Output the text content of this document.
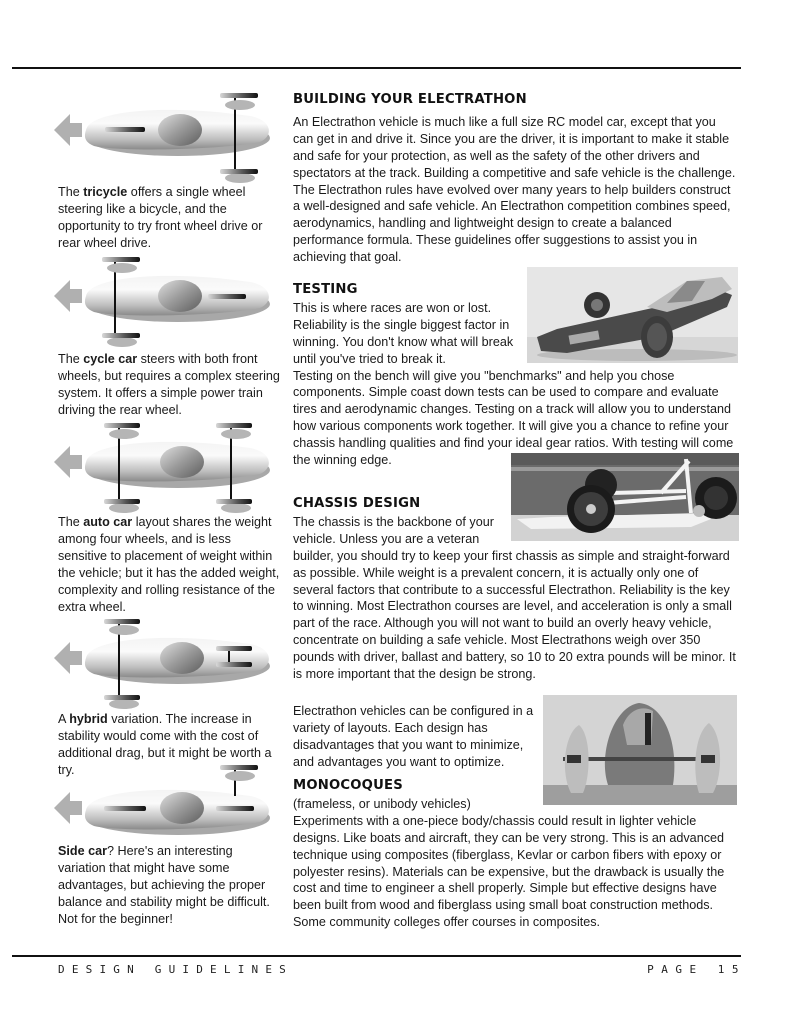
The tricycle offers a single wheel steering like a bicycle, and the opportunity to try front wheel drive or rear wheel drive.
The cycle car steers with both front wheels, but requires a complex steering system. It offers a simple power train driving the rear wheel.
The auto car layout shares the weight among four wheels, and is less sensitive to placement of weight within the vehicle; but it has the added weight, complexity and rolling resistance of the extra wheel.
A hybrid variation. The increase in stability would come with the cost of additional drag, but it might be worth a try.
Side car? Here's an interesting variation that might have some advantages, but achieving the proper balance and stability might be difficult. Not for the beginner!
BUILDING YOUR ELECTRATHON

An Electrathon vehicle is much like a full size RC model car, except that you can get in and drive it. Since you are the driver, it is important to make it stable and safe for your protection, as well as the safety of the other drivers and spectators at the track. Building a competitive and safe vehicle is the challenge. The Electrathon rules have evolved over many years to help builders construct a well-designed and safe vehicle. An Electrathon competition combines speed, aerodynamics, handling and lightweight design to create a balanced performance formula. These guidelines offer suggestions to assist you in achieving that goal.

TESTING

This is where races are won or lost. Reliability is the single biggest factor in winning. You don't know what will break until you've tried to break it.

Testing on the bench will give you "benchmarks" and help you chose components. Simple coast down tests can be used to compare and evaluate tires and aerodynamic changes. Testing on a track will allow you to understand how various components work together. It will give you a chance to refine your chassis handling qualities and find your ideal gear ratios. With testing will come the winning edge.

CHASSIS DESIGN

The chassis is the backbone of your vehicle. Unless you are a veteran

builder, you should try to keep your first chassis as simple and straight-forward as possible. While weight is a prevalent concern, it is actually only one of several factors that contribute to a successful Electrathon. Reliability is the key to winning. Most Electrathon courses are level, and acceleration is only a small part of the race. Although you will not want to build an overly heavy vehicle, concentrate on building a safe vehicle. Most Electrathons weigh over 350 pounds with driver, ballast and battery, so 10 to 20 extra pounds will be minor. It is more important that the design be strong.

Electrathon vehicles can be configured in a variety of layouts. Each design has disadvantages that you want to minimize, and advantages you want to optimize.

MONOCOQUES

(frameless, or unibody vehicles)

Experiments with a one-piece body/chassis could result in lighter vehicle designs. Like boats and aircraft, they can be very strong. This is an advanced technique using composites (fiberglass, Kevlar or carbon fibers with epoxy or polyester resins). Materials can be expensive, but the drawback is usually the cost and time to engineer a shell properly. Simple but effective designs have been built from wood and fiberglass using small boat construction methods. Some community colleges offer courses in composites.

DESIGN GUIDELINES	PAGE 15
